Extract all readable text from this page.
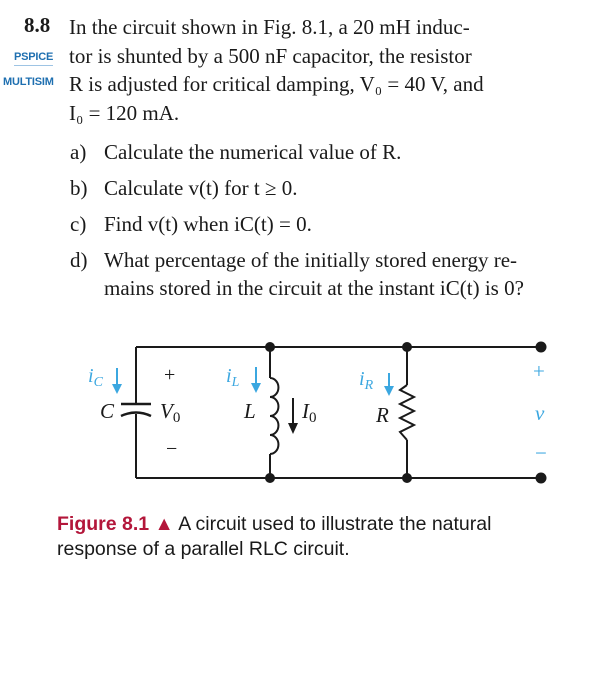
8.8
PSPICE
MULTISIM
In the circuit shown in Fig. 8.1, a 20 mH induc-
tor is shunted by a 500 nF capacitor, the resistor
R is adjusted for critical damping, V₀ = 40 V, and
I₀ = 120 mA.
a) Calculate the numerical value of R.
b) Calculate v(t) for t ≥ 0.
c) Find v(t) when iC(t) = 0.
d) What percentage of the initially stored energy re-
mains stored in the circuit at the instant iC(t) is 0?
$i_C$	$i_L$	$i_R$
C V0	L I0	R
+
−
+
v
−
Figure 8.1 ▲ A circuit used to illustrate the natural
response of a parallel RLC circuit.
